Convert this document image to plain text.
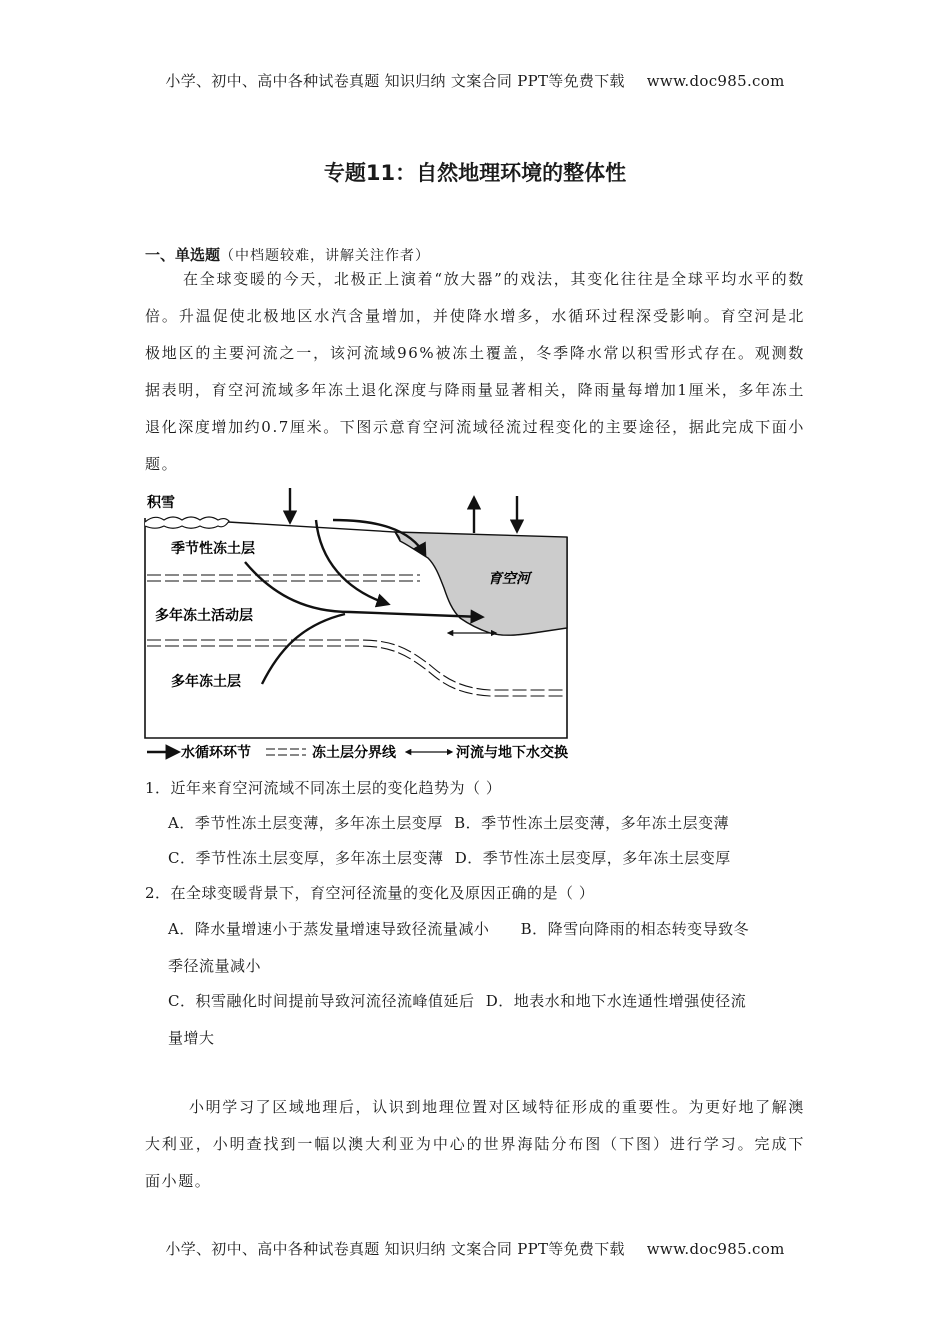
小学、初中、高中各种试卷真题 知识归纳 文案合同 PPT等免费下载 www.doc985.com
专题11：自然地理环境的整体性
一、单选题（中档题较难，讲解关注作者）
在全球变暖的今天，北极正上演着“放大器”的戏法，其变化往往是全球平均水平的数倍。升温促使北极地区水汽含量增加，并使降水增多，水循环过程深受影响。育空河是北极地区的主要河流之一，该河流域96%被冻土覆盖，冬季降水常以积雪形式存在。观测数据表明，育空河流域多年冻土退化深度与降雨量显著相关，降雨量每增加1厘米，多年冻土退化深度增加约0.7厘米。下图示意育空河流域径流过程变化的主要途径，据此完成下面小题。
积雪
季节性冻土层
多年冻土活动层
多年冻土层
育空河
水循环环节	冻土层分界线	河流与地下水交换
1．近年来育空河流域不同冻土层的变化趋势为（ ）
A．季节性冻土层变薄，多年冻土层变厚 B．季节性冻土层变薄，多年冻土层变薄
C．季节性冻土层变厚，多年冻土层变薄 D．季节性冻土层变厚，多年冻土层变厚
2．在全球变暖背景下，育空河径流量的变化及原因正确的是（ ）
A．降水量增速小于蒸发量增速导致径流量减小 B．降雪向降雨的相态转变导致冬
季径流量减小
C．积雪融化时间提前导致河流径流峰值延后 D．地表水和地下水连通性增强使径流
量增大
小明学习了区域地理后，认识到地理位置对区域特征形成的重要性。为更好地了解澳大利亚，小明查找到一幅以澳大利亚为中心的世界海陆分布图（下图）进行学习。完成下面小题。
小学、初中、高中各种试卷真题 知识归纳 文案合同 PPT等免费下载 www.doc985.com
